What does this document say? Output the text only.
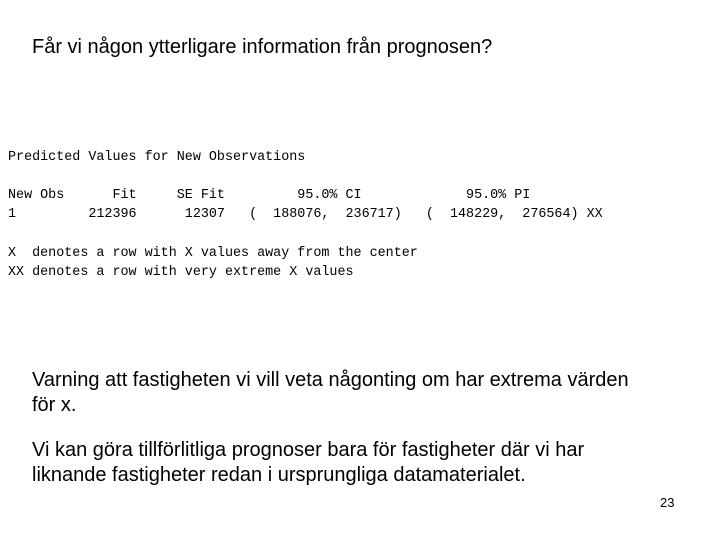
Får vi någon ytterligare information från prognosen?
Predicted Values for New Observations
New Obs      Fit     SE Fit         95.0% CI             95.0% PI
1         212396      12307   (  188076,  236717)   (  148229,  276564) XX
X  denotes a row with X values away from the center
XX denotes a row with very extreme X values
Varning att fastigheten vi vill veta någonting om har extrema värden för x.
Vi kan göra tillförlitliga prognoser bara för fastigheter där vi har liknande fastigheter redan i ursprungliga datamaterialet.
23
